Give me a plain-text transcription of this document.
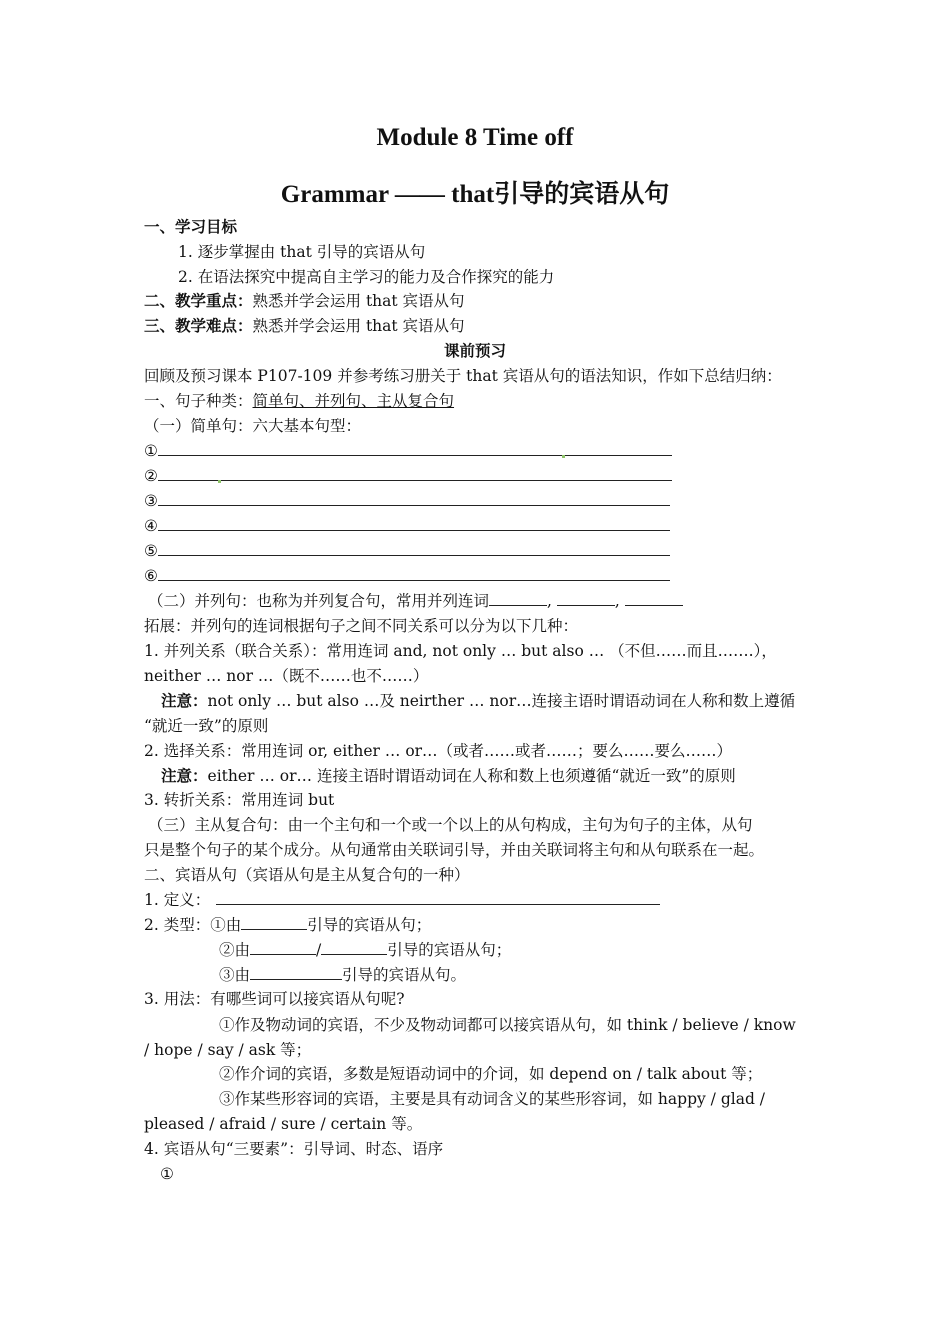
Module 8 Time off
Grammar —— that引导的宾语从句
一、学习目标
1. 逐步掌握由 that 引导的宾语从句
2. 在语法探究中提高自主学习的能力及合作探究的能力
二、教学重点：熟悉并学会运用 that 宾语从句
三、教学难点：熟悉并学会运用 that 宾语从句
课前预习
回顾及预习课本 P107-109 并参考练习册关于 that 宾语从句的语法知识，作如下总结归纳：
一、句子种类：简单句、并列句、主从复合句
（一）简单句：六大基本句型：
①
②
③
④
⑤
⑥
（二）并列句：也称为并列复合句，常用并列连词	,	,
拓展：并列句的连词根据句子之间不同关系可以分为以下几种：
1. 并列关系（联合关系）：常用连词 and, not only … but also … （不但……而且…….），
neither … nor …（既不……也不……）
注意：not only … but also …及 neirther … nor…连接主语时谓语动词在人称和数上遵循
“就近一致”的原则
2. 选择关系：常用连词 or, either … or…（或者……或者……；要么……要么……）
注意：either … or… 连接主语时谓语动词在人称和数上也须遵循“就近一致”的原则
3. 转折关系：常用连词 but
（三）主从复合句：由一个主句和一个或一个以上的从句构成，主句为句子的主体，从句
只是整个句子的某个成分。从句通常由关联词引导，并由关联词将主句和从句联系在一起。
二、宾语从句（宾语从句是主从复合句的一种）
1. 定义：
2. 类型：①由	引导的宾语从句；
②由	/	引导的宾语从句；
③由	引导的宾语从句。
3. 用法：有哪些词可以接宾语从句呢?
①作及物动词的宾语，不少及物动词都可以接宾语从句，如 think / believe / know
/ hope / say / ask 等；
②作介词的宾语，多数是短语动词中的介词，如 depend on / talk about 等；
③作某些形容词的宾语，主要是具有动词含义的某些形容词，如 happy / glad /
pleased / afraid / sure / certain 等。
4. 宾语从句“三要素”：引导词、时态、语序
①
